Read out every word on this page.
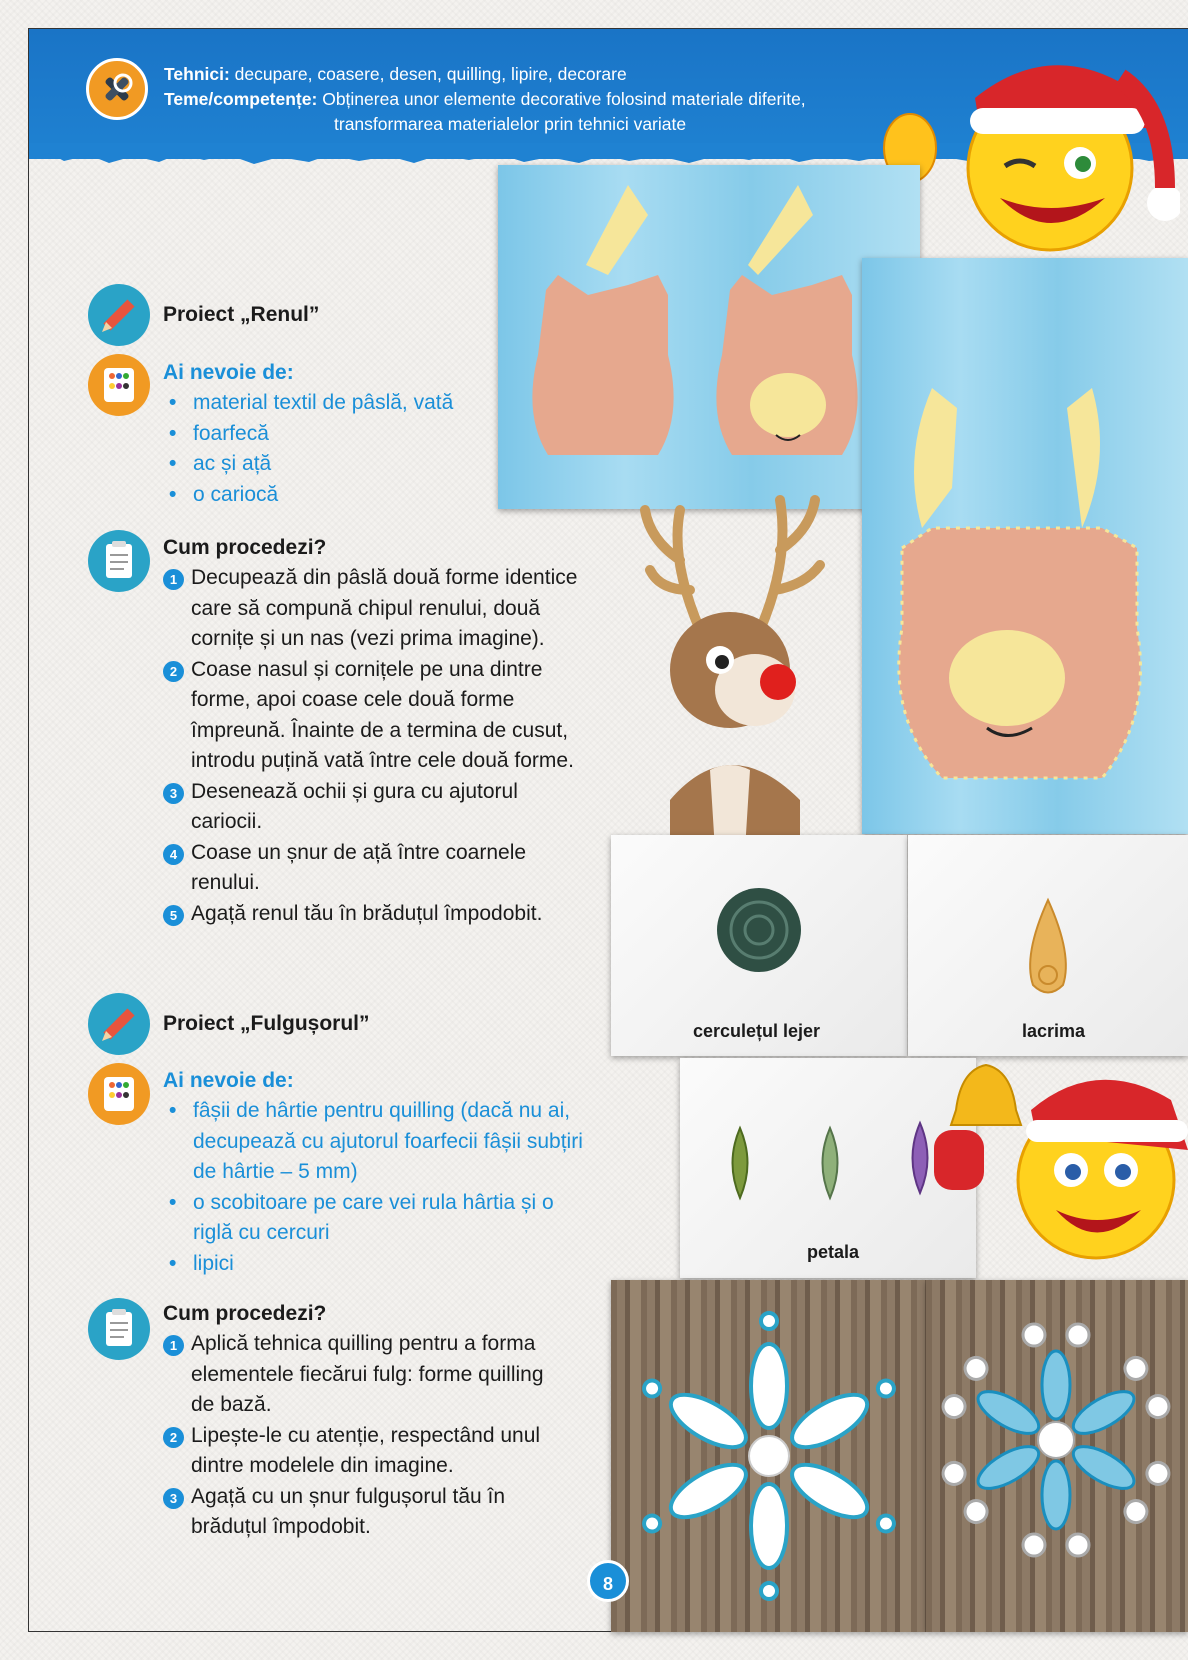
Tehnici: decupare, coasere, desen, quilling, lipire, decorare
Teme/competențe: Obținerea unor elemente decorative folosind materiale diferite,
transformarea materialelor prin tehnici variate
Proiect „Renul”
Ai nevoie de:
• material textil de pâslă, vată
• foarfecă
• ac și ață
• o cariocă
Cum procedezi?
1 Decupează din pâslă două forme identice
care să compună chipul renului, două
cornițe și un nas (vezi prima imagine).
2 Coase nasul și cornițele pe una dintre
forme, apoi coase cele două forme
împreună. Înainte de a termina de cusut,
introdu puțină vată între cele două forme.
3 Desenează ochii și gura cu ajutorul
cariocii.
4 Coase un șnur de ață între coarnele
renului.
5 Agață renul tău în brăduțul împodobit.
cerculețul lejer	lacrima
petala
Proiect „Fulgușorul”
Ai nevoie de:
• fâșii de hârtie pentru quilling (dacă nu ai,
decupează cu ajutorul foarfecii fâșii subțiri
de hârtie – 5 mm)
• o scobitoare pe care vei rula hârtia și o
riglă cu cercuri
• lipici
Cum procedezi?
1 Aplică tehnica quilling pentru a forma
elementele fiecărui fulg: forme quilling
de bază.
2 Lipește-le cu atenție, respectând unul
dintre modelele din imagine.
3 Agață cu un șnur fulgușorul tău în
brăduțul împodobit.
8
